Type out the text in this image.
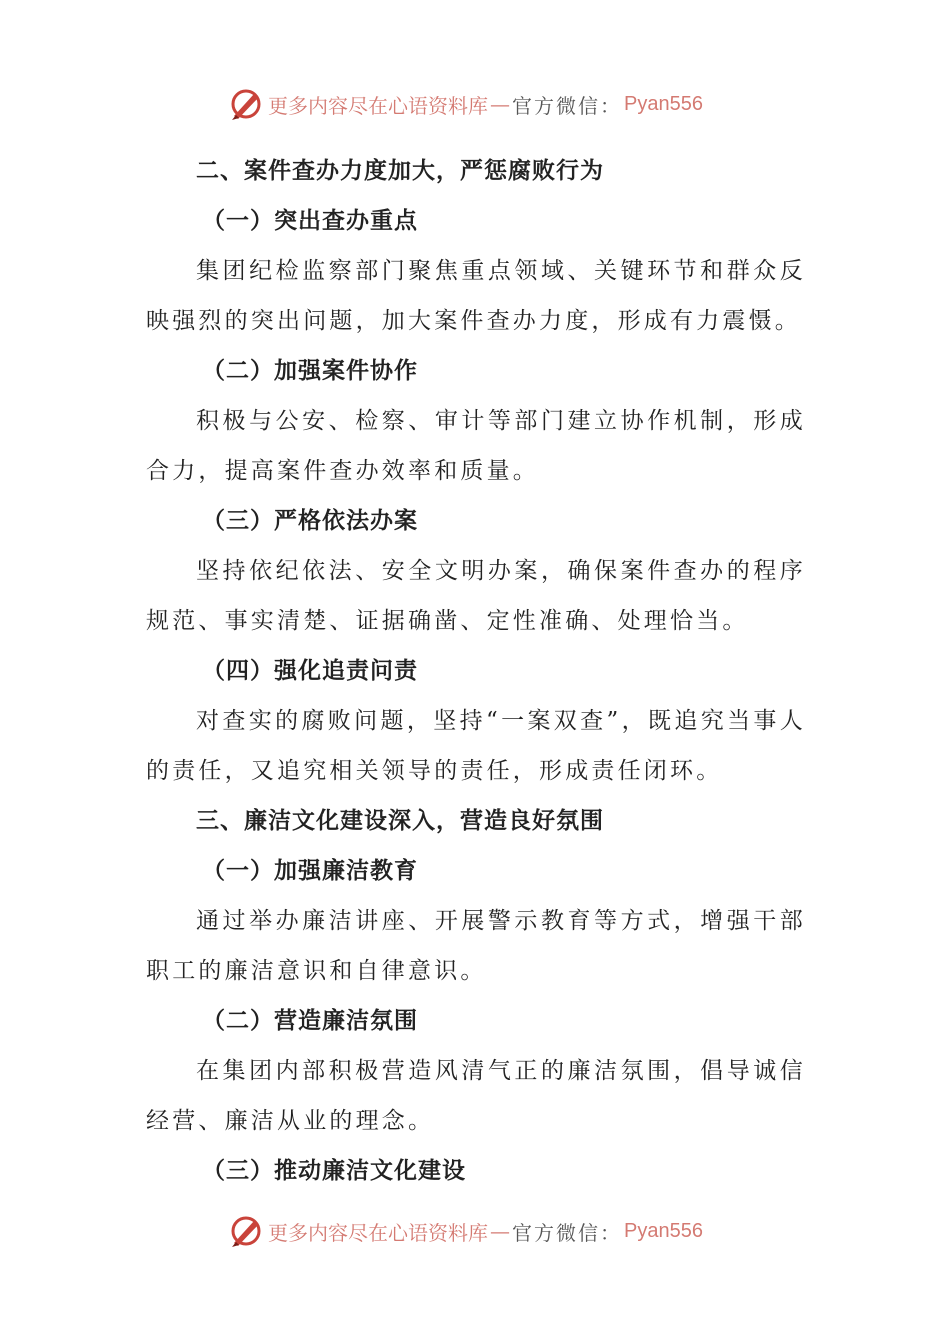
更多内容尽在心语资料库 — 官方微信： Pyan556
二、案件查办力度加大，严惩腐败行为
（一）突出查办重点
集团纪检监察部门聚焦重点领域、关键环节和群众反映强烈的突出问题，加大案件查办力度，形成有力震慑。
（二）加强案件协作
积极与公安、检察、审计等部门建立协作机制，形成合力，提高案件查办效率和质量。
（三）严格依法办案
坚持依纪依法、安全文明办案，确保案件查办的程序规范、事实清楚、证据确凿、定性准确、处理恰当。
（四）强化追责问责
对查实的腐败问题，坚持“一案双查”，既追究当事人的责任，又追究相关领导的责任，形成责任闭环。
三、廉洁文化建设深入，营造良好氛围
（一）加强廉洁教育
通过举办廉洁讲座、开展警示教育等方式，增强干部职工的廉洁意识和自律意识。
（二）营造廉洁氛围
在集团内部积极营造风清气正的廉洁氛围，倡导诚信经营、廉洁从业的理念。
（三）推动廉洁文化建设
更多内容尽在心语资料库 — 官方微信： Pyan556
